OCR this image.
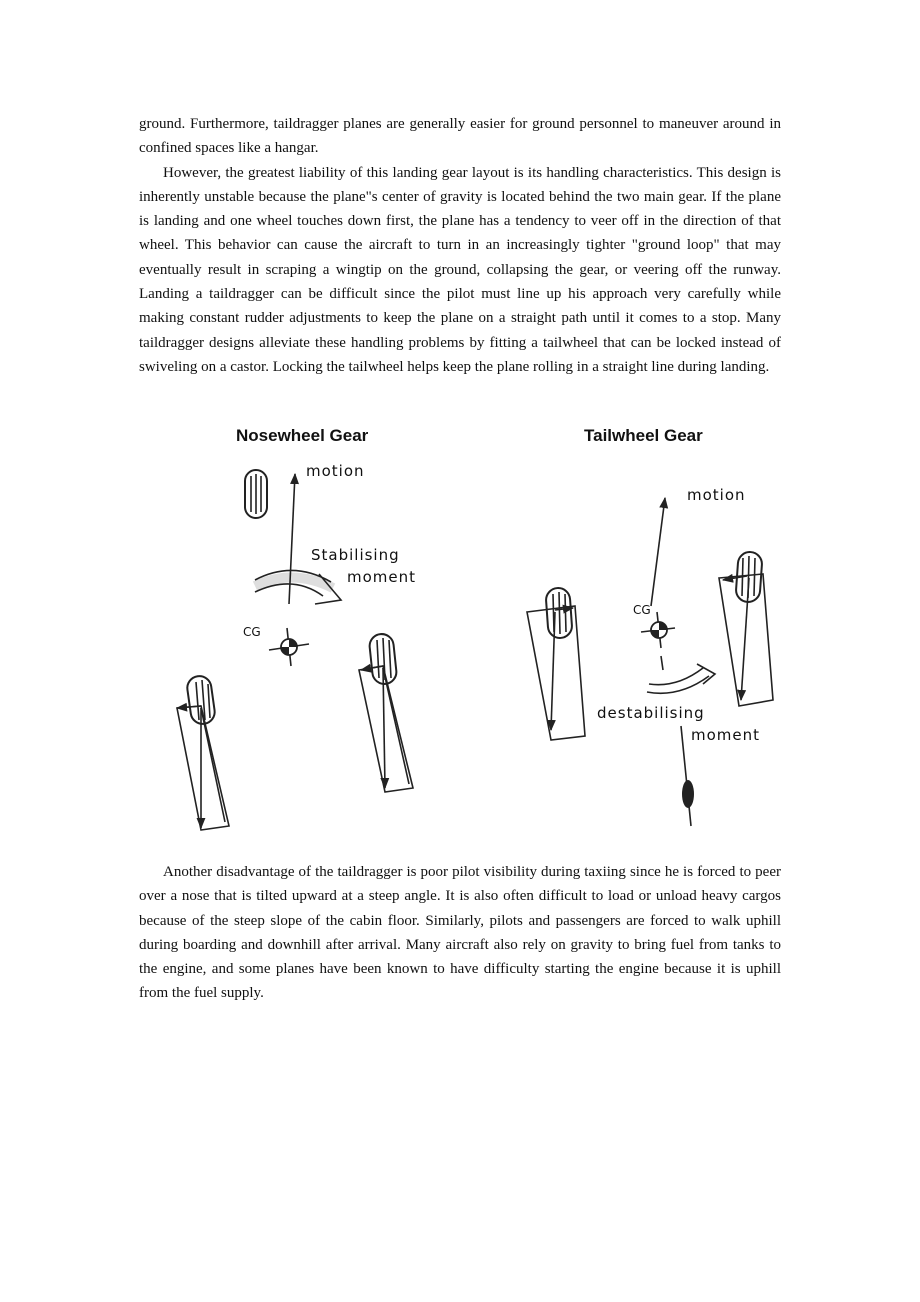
ground. Furthermore, taildragger planes are generally easier for ground personnel to maneuver around in confined spaces like a hangar.

However, the greatest liability of this landing gear layout is its handling characteristics. This design is inherently unstable because the plane"s center of gravity is located behind the two main gear. If the plane is landing and one wheel touches down first, the plane has a tendency to veer off in the direction of that wheel. This behavior can cause the aircraft to turn in an increasingly tighter "ground loop" that may eventually result in scraping a wingtip on the ground, collapsing the gear, or veering off the runway. Landing a taildragger can be difficult since the pilot must line up his approach very carefully while making constant rudder adjustments to keep the plane on a straight path until it comes to a stop. Many taildragger designs alleviate these handling problems by fitting a tailwheel that can be locked instead of swiveling on a castor. Locking the tailwheel helps keep the plane rolling in a straight line during landing.

Nosewheel Gear
motion
Stabilising
moment
CG
Tailwheel Gear
motion
CG
destabilising
moment

Another disadvantage of the taildragger is poor pilot visibility during taxiing since he is forced to peer over a nose that is tilted upward at a steep angle. It is also often difficult to load or unload heavy cargos because of the steep slope of the cabin floor. Similarly, pilots and passengers are forced to walk uphill during boarding and downhill after arrival. Many aircraft also rely on gravity to bring fuel from tanks to the engine, and some planes have been known to have difficulty starting the engine because it is uphill from the fuel supply.
